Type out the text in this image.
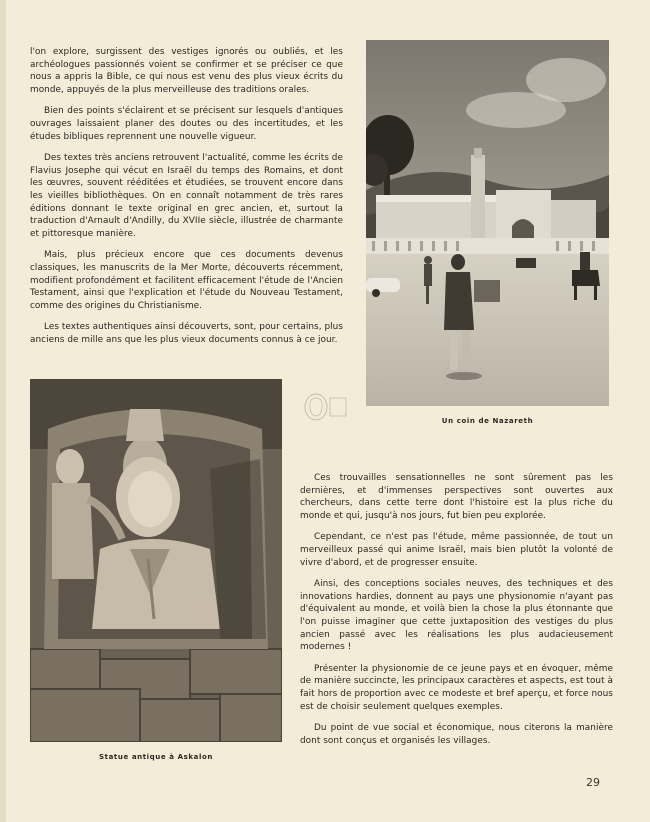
l'on explore, surgissent des vestiges ignorés ou oubliés, et les archéologues passionnés voient se confirmer et se préciser ce que nous a appris la Bible, ce qui nous est venu des plus vieux écrits du monde, appuyés de la plus merveilleuse des traditions orales.

Bien des points s'éclairent et se précisent sur lesquels d'antiques ouvrages laissaient planer des doutes ou des incertitudes, et les études bibliques reprennent une nouvelle vigueur.

Des textes très anciens retrouvent l'actualité, comme les écrits de Flavius Josephe qui vécut en Israël du temps des Romains, et dont les œuvres, souvent rééditées et étudiées, se trouvent encore dans les vieilles bibliothèques. On en connaît notamment de très rares éditions donnant le texte original en grec ancien, et, surtout la traduction d'Arnault d'Andilly, du XVIIe siècle, illustrée de charmante et pittoresque manière.

Mais, plus précieux encore que ces documents devenus classiques, les manuscrits de la Mer Morte, découverts récemment, modifient profondément et facilitent efficacement l'étude de l'Ancien Testament, ainsi que l'explication et l'étude du Nouveau Testament, comme des origines du Christianisme.

Les textes authentiques ainsi découverts, sont, pour certains, plus anciens de mille ans que les plus vieux documents connus à ce jour.

Un coin de Nazareth
Statue antique à Askalon

Ces trouvailles sensationnelles ne sont sûrement pas les dernières, et d'immenses perspectives sont ouvertes aux chercheurs, dans cette terre dont l'histoire est la plus riche du monde et qui, jusqu'à nos jours, fut bien peu explorée.

Cependant, ce n'est pas l'étude, même passionnée, de tout un merveilleux passé qui anime Israël, mais bien plutôt la volonté de vivre d'abord, et de progresser ensuite.

Ainsi, des conceptions sociales neuves, des techniques et des innovations hardies, donnent au pays une physionomie n'ayant pas d'équivalent au monde, et voilà bien la chose la plus étonnante que l'on puisse imaginer que cette juxtaposition des vestiges du plus ancien passé avec les réalisations les plus audacieusement modernes !

Présenter la physionomie de ce jeune pays et en évoquer, même de manière succincte, les principaux caractères et aspects, est tout à fait hors de proportion avec ce modeste et bref aperçu, et force nous est de choisir seulement quelques exemples.

Du point de vue social et économique, nous citerons la manière dont sont conçus et organisés les villages.

29
